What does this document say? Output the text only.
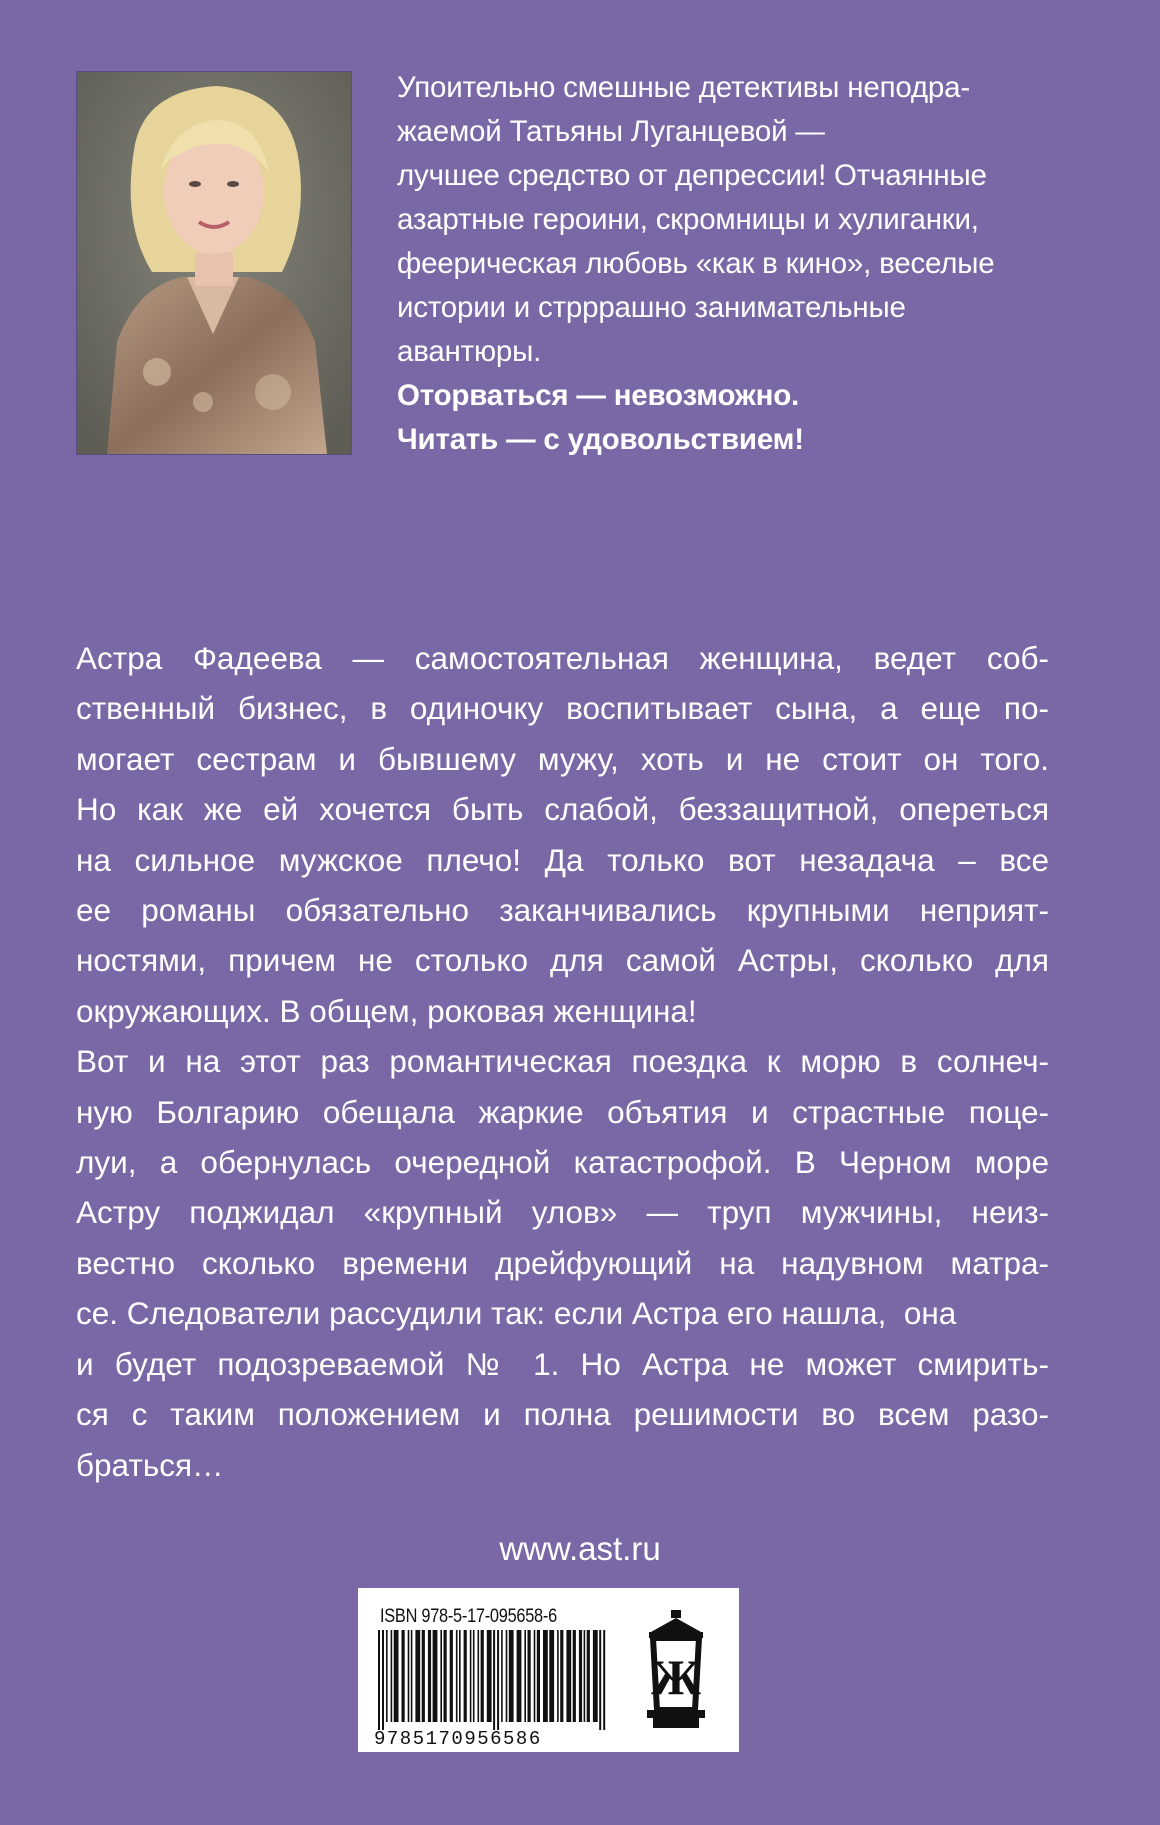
Упоительно смешные детективы неподра-
жаемой Татьяны Луганцевой —
лучшее средство от депрессии! Отчаянные
азартные героини, скромницы и хулиганки,
феерическая любовь «как в кино», веселые
истории и стрррашно занимательные
авантюры.
Оторваться — невозможно.
Читать — с удовольствием!
Астра Фадеева — самостоятельная женщина, ведет соб-
ственный бизнес, в одиночку воспитывает сына, а еще по-
могает сестрам и бывшему мужу, хоть и не стоит он того.
Но как же ей хочется быть слабой, беззащитной, опереться
на сильное мужское плечо! Да только вот незадача – все
ее романы обязательно заканчивались крупными неприят-
ностями, причем не столько для самой Астры, сколько для
окружающих. В общем, роковая женщина!
Вот и на этот раз романтическая поездка к морю в солнеч-
ную Болгарию обещала жаркие объятия и страстные поце-
луи, а обернулась очередной катастрофой. В Черном море
Астру поджидал «крупный улов» — труп мужчины, неиз-
вестно сколько времени дрейфующий на надувном матра-
се. Следователи рассудили так: если Астра его нашла,  она
и будет подозреваемой № 1. Но Астра не может смирить-
ся с таким положением и полна решимости во всем разо-
браться…
www.ast.ru
ISBN 978-5-17-095658-6
9785170956586
Ж
